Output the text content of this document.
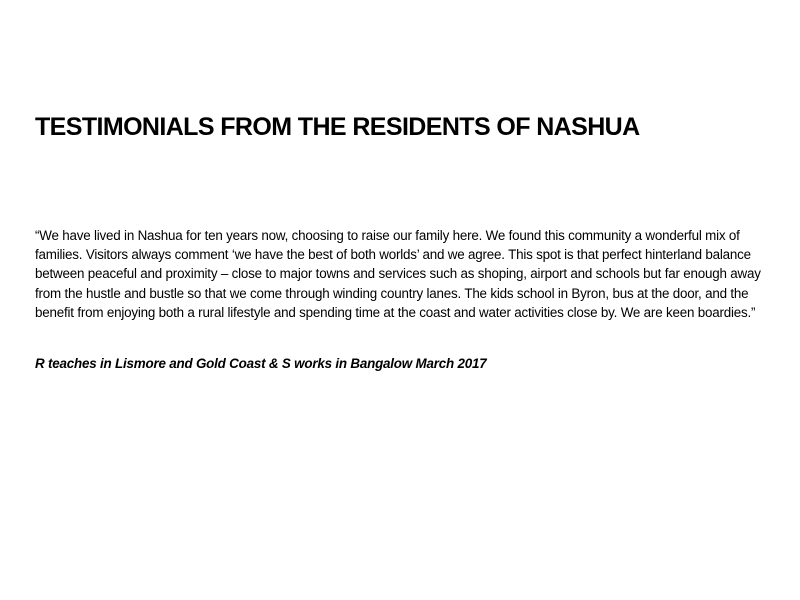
TESTIMONIALS FROM THE RESIDENTS OF NASHUA

“We have lived in Nashua for ten years now, choosing to raise our family here. We found this community a wonderful mix of families. Visitors always comment ‘we have the best of both worlds’ and we agree. This spot is that perfect hinterland balance between peaceful and proximity – close to major towns and services such as shoping, airport and schools but far enough away from the hustle and bustle so that we come through winding country lanes. The kids school in Byron, bus at the door, and the benefit from enjoying both a rural lifestyle and spending time at the coast and water activities close by. We are keen boardies.”

R teaches in Lismore and Gold Coast & S works in Bangalow March 2017
